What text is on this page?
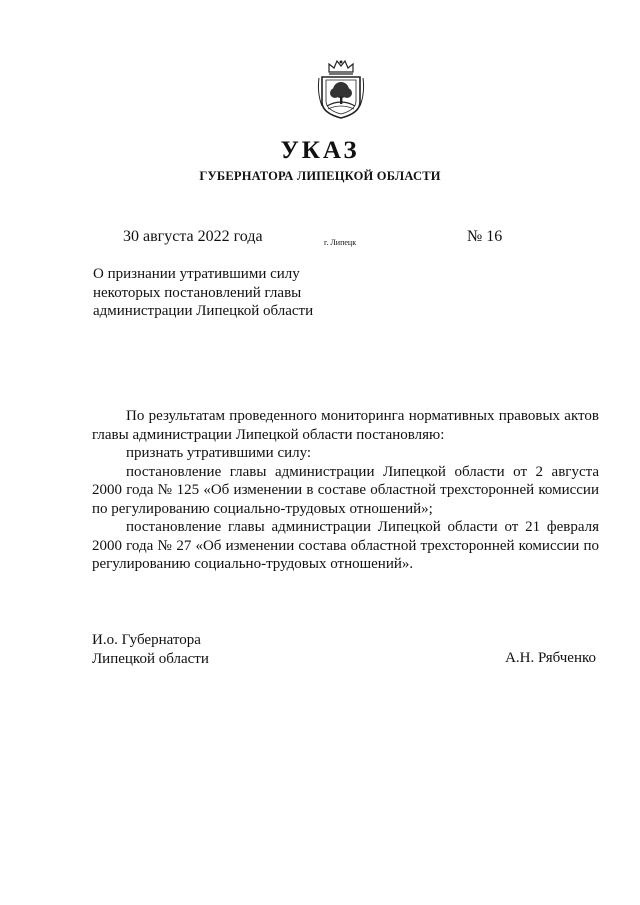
УКАЗ
ГУБЕРНАТОРА ЛИПЕЦКОЙ ОБЛАСТИ
30 августа 2022 года	г. Липецк	№ 16
О признании утратившими силу
некоторых постановлений главы
администрации Липецкой области

По результатам проведенного мониторинга нормативных правовых актов главы администрации Липецкой области постановляю:

признать утратившими силу:

постановление главы администрации Липецкой области от 2 августа 2000 года № 125 «Об изменении в составе областной трехсторонней комиссии по регулированию социально-трудовых отношений»;

постановление главы администрации Липецкой области от 21 февраля 2000 года № 27 «Об изменении состава областной трехсторонней комиссии по регулированию социально-трудовых отношений».

И.о. Губернатора
Липецкой области	А.Н. Рябченко
